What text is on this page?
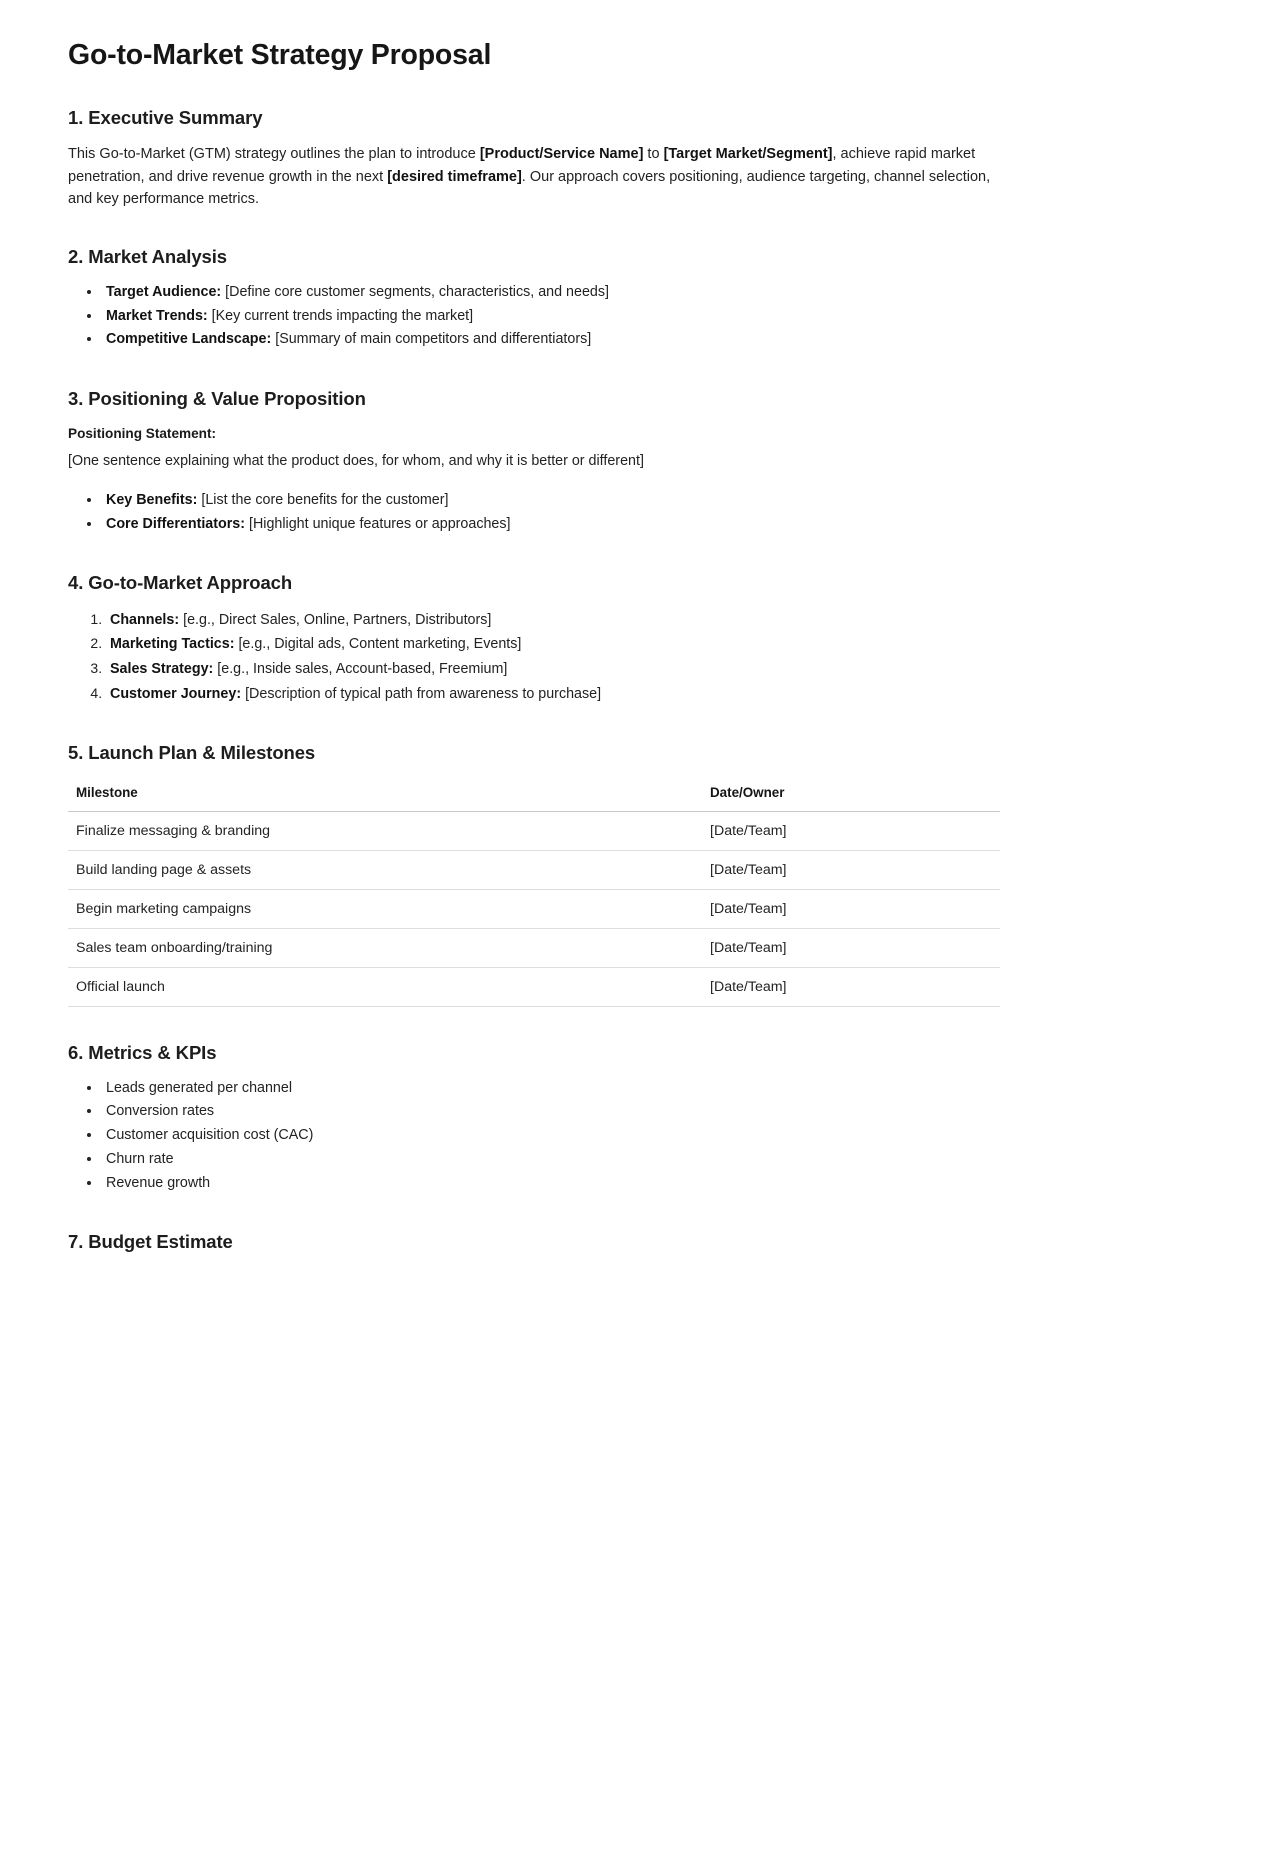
Go-to-Market Strategy Proposal
1. Executive Summary

This Go-to-Market (GTM) strategy outlines the plan to introduce [Product/Service Name] to [Target Market/Segment], achieve rapid market penetration, and drive revenue growth in the next [desired timeframe]. Our approach covers positioning, audience targeting, channel selection, and key performance metrics.

2. Market Analysis
• Target Audience: [Define core customer segments, characteristics, and needs]
• Market Trends: [Key current trends impacting the market]
• Competitive Landscape: [Summary of main competitors and differentiators]
3. Positioning & Value Proposition

Positioning Statement:

[One sentence explaining what the product does, for whom, and why it is better or different]

• Key Benefits: [List the core benefits for the customer]
• Core Differentiators: [Highlight unique features or approaches]
4. Go-to-Market Approach
1. Channels: [e.g., Direct Sales, Online, Partners, Distributors]
2. Marketing Tactics: [e.g., Digital ads, Content marketing, Events]
3. Sales Strategy: [e.g., Inside sales, Account-based, Freemium]
4. Customer Journey: [Description of typical path from awareness to purchase]
5. Launch Plan & Milestones
Milestone	Date/Owner
Finalize messaging & branding	[Date/Team]
Build landing page & assets	[Date/Team]
Begin marketing campaigns	[Date/Team]
Sales team onboarding/training	[Date/Team]
Official launch	[Date/Team]
6. Metrics & KPIs
• Leads generated per channel
• Conversion rates
• Customer acquisition cost (CAC)
• Churn rate
• Revenue growth
7. Budget Estimate
